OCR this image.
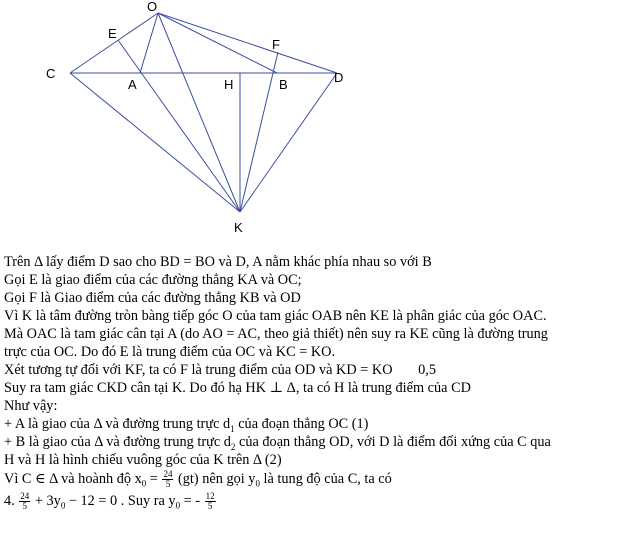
O
E
F
C
A	H	B	D
K
Trên Δ lấy điểm D sao cho BD = BO và D, A nằm khác phía nhau so với B
Gọi E là giao điểm của các đường thẳng KA và OC;
Gọi F là Giao điểm của các đường thẳng KB và OD
Vì K là tâm đường tròn bàng tiếp góc O của tam giác OAB nên KE là phân giác của góc OAC.
Mà OAC là tam giác cân tại A (do AO = AC, theo giả thiết) nên suy ra KE cũng là đường trung
trực của OC. Do đó E là trung điểm của OC và KC = KO.
Xét tương tự đối với KF, ta có F là trung điểm của OD và KD = KO 0,5
Suy ra tam giác CKD cân tại K. Do đó hạ HK ⊥ Δ, ta có H là trung điểm của CD
Như vậy:
+ A là giao của Δ và đường trung trực $d_1$ của đoạn thẳng OC (1)
+ B là giao của Δ và đường trung trực $d_2$ của đoạn thẳng OD, với D là điểm đối xứng của C qua
H và H là hình chiếu vuông góc của K trên Δ (2)
Vì C ∈ Δ và hoành độ $x_0 = \frac{24}{5} (gt)$ nên gọi $y_0$ là tung độ của C, ta có
4. $\frac{24}{5} + 3y_0 - 12 = 0$ . Suy ra $y_0$ = - $\frac{12}{5}$
